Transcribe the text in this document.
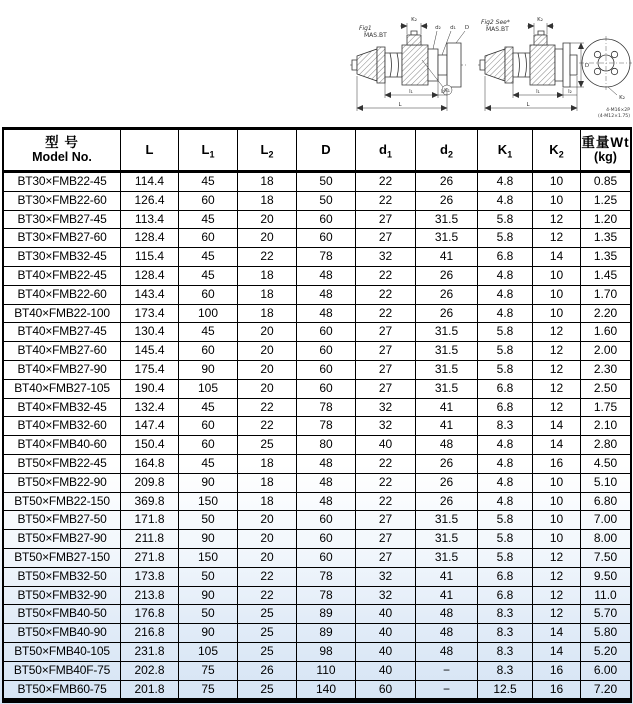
Fig1
MAS.BT
K₂
d₂ d₁ D
K₁
l₁	l₂
L
Fig2 See*
MAS.BT
K₂
D
K₂
l₁	l₂
L
4-M16×2P
(4-M12×1.75)
型 号
Model No.	L	$L_1$	$L_2$	D	$d_1$	$d_2$	$K_1$	$K_2$	
重量Wt
(kg)

BT30×FMB22-45	114.4	45	18	50	22	26	4.8	10	0.85
BT30×FMB22-60	126.4	60	18	50	22	26	4.8	10	1.25
BT30×FMB27-45	113.4	45	20	60	27	31.5	5.8	12	1.20
BT30×FMB27-60	128.4	60	20	60	27	31.5	5.8	12	1.35
BT30×FMB32-45	115.4	45	22	78	32	41	6.8	14	1.35
BT40×FMB22-45	128.4	45	18	48	22	26	4.8	10	1.45
BT40×FMB22-60	143.4	60	18	48	22	26	4.8	10	1.70
BT40×FMB22-100	173.4	100	18	48	22	26	4.8	10	2.20
BT40×FMB27-45	130.4	45	20	60	27	31.5	5.8	12	1.60
BT40×FMB27-60	145.4	60	20	60	27	31.5	5.8	12	2.00
BT40×FMB27-90	175.4	90	20	60	27	31.5	5.8	12	2.30
BT40×FMB27-105	190.4	105	20	60	27	31.5	6.8	12	2.50
BT40×FMB32-45	132.4	45	22	78	32	41	6.8	12	1.75
BT40×FMB32-60	147.4	60	22	78	32	41	8.3	14	2.10
BT40×FMB40-60	150.4	60	25	80	40	48	4.8	14	2.80
BT50×FMB22-45	164.8	45	18	48	22	26	4.8	16	4.50
BT50×FMB22-90	209.8	90	18	48	22	26	4.8	10	5.10
BT50×FMB22-150	369.8	150	18	48	22	26	4.8	10	6.80
BT50×FMB27-50	171.8	50	20	60	27	31.5	5.8	10	7.00
BT50×FMB27-90	211.8	90	20	60	27	31.5	5.8	10	8.00
BT50×FMB27-150	271.8	150	20	60	27	31.5	5.8	12	7.50
BT50×FMB32-50	173.8	50	22	78	32	41	6.8	12	9.50
BT50×FMB32-90	213.8	90	22	78	32	41	6.8	12	11.0
BT50×FMB40-50	176.8	50	25	89	40	48	8.3	12	5.70
BT50×FMB40-90	216.8	90	25	89	40	48	8.3	14	5.80
BT50×FMB40-105	231.8	105	25	98	40	48	8.3	14	5.20
BT50×FMB40F-75	202.8	75	26	110	40	−	8.3	16	6.00
BT50×FMB60-75	201.8	75	25	140	60	−	12.5	16	7.20
